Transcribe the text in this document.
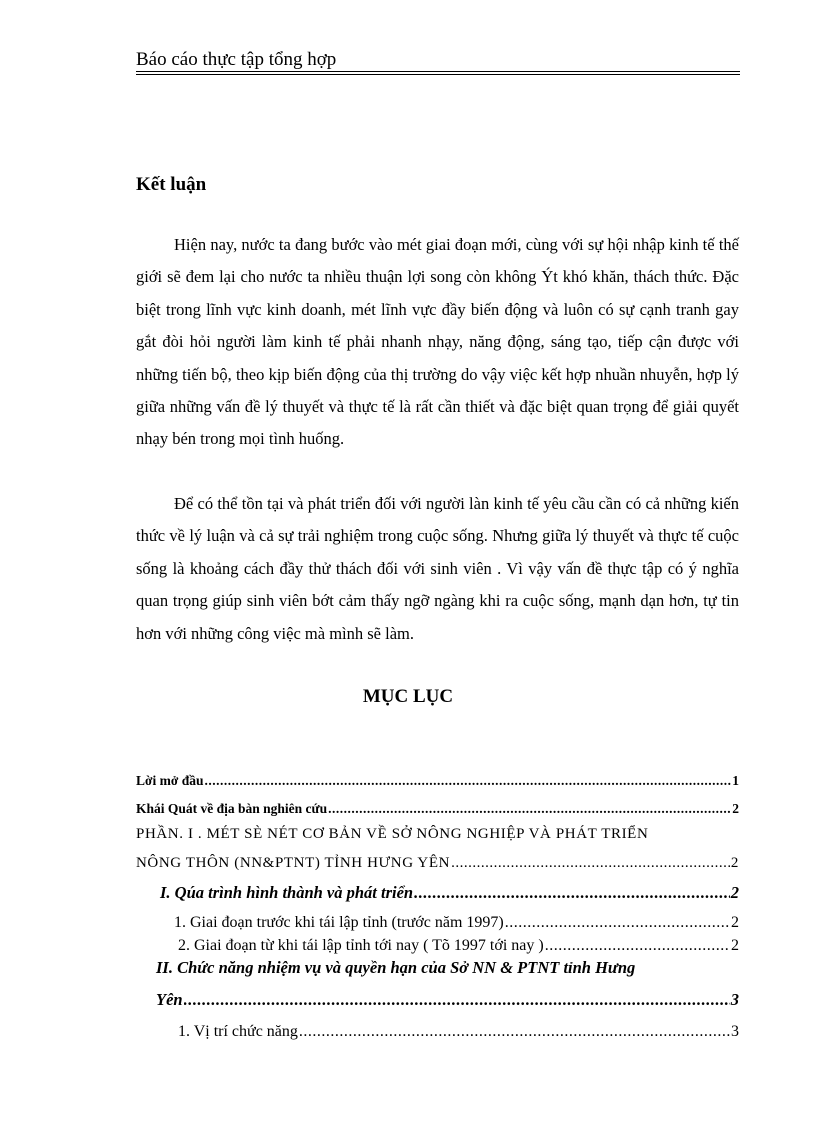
Báo cáo thực tập tổng hợp
Kết luận

Hiện nay, nước ta đang bước vào mét giai đoạn mới, cùng với sự hội nhập kinh tế thế giới sẽ đem lại cho nước ta nhiều thuận lợi song còn không Ýt khó khăn, thách thức. Đặc biệt trong lĩnh vực kinh doanh, mét lĩnh vực đầy biến động và luôn có sự cạnh tranh gay gắt đòi hỏi người làm kinh tế phải nhanh nhạy, năng động, sáng tạo, tiếp cận được với những tiến bộ, theo kịp biến động của thị trường do vậy việc kết hợp nhuần nhuyễn, hợp lý giữa những vấn đề lý thuyết và thực tế là rất cần thiết và đặc biệt quan trọng để giải quyết nhạy bén trong mọi tình huống.

Để có thể tồn tại và phát triển đối với người làn kinh tế yêu cầu cần có cả những kiến thức về lý luận và cả sự trải nghiệm trong cuộc sống. Nhưng giữa lý thuyết và thực tế cuộc sống là khoảng cách đầy thử thách đối với sinh viên . Vì vậy vấn đề thực tập có ý nghĩa quan trọng giúp sinh viên bớt cảm thấy ngỡ ngàng khi ra cuộc sống, mạnh dạn hơn, tự tin hơn với những công việc mà mình sẽ làm.

MỤC LỤC
Lời mở đầu .....	1
Khái Quát về địa bàn nghiên cứu .....	2
PHẦN. I . MÉT SÈ NÉT CƠ BẢN VỀ SỞ NÔNG NGHIỆP VÀ PHÁT TRIỂN
NÔNG THÔN (NN&PTNT) TỈNH HƯNG YÊN .....	2
I. Qúa trình hình thành và phát triển .....	2
1. Giai đoạn trước khi tái lập tỉnh (trước năm 1997) .....	2
2. Giai đoạn từ khi tái lập tỉnh tới nay ( Tõ 1997 tới nay ) .....	2
II. Chức năng nhiệm vụ và quyền hạn của Sở NN & PTNT tỉnh Hưng
Yên .....	3
1. Vị trí chức năng .....	3
